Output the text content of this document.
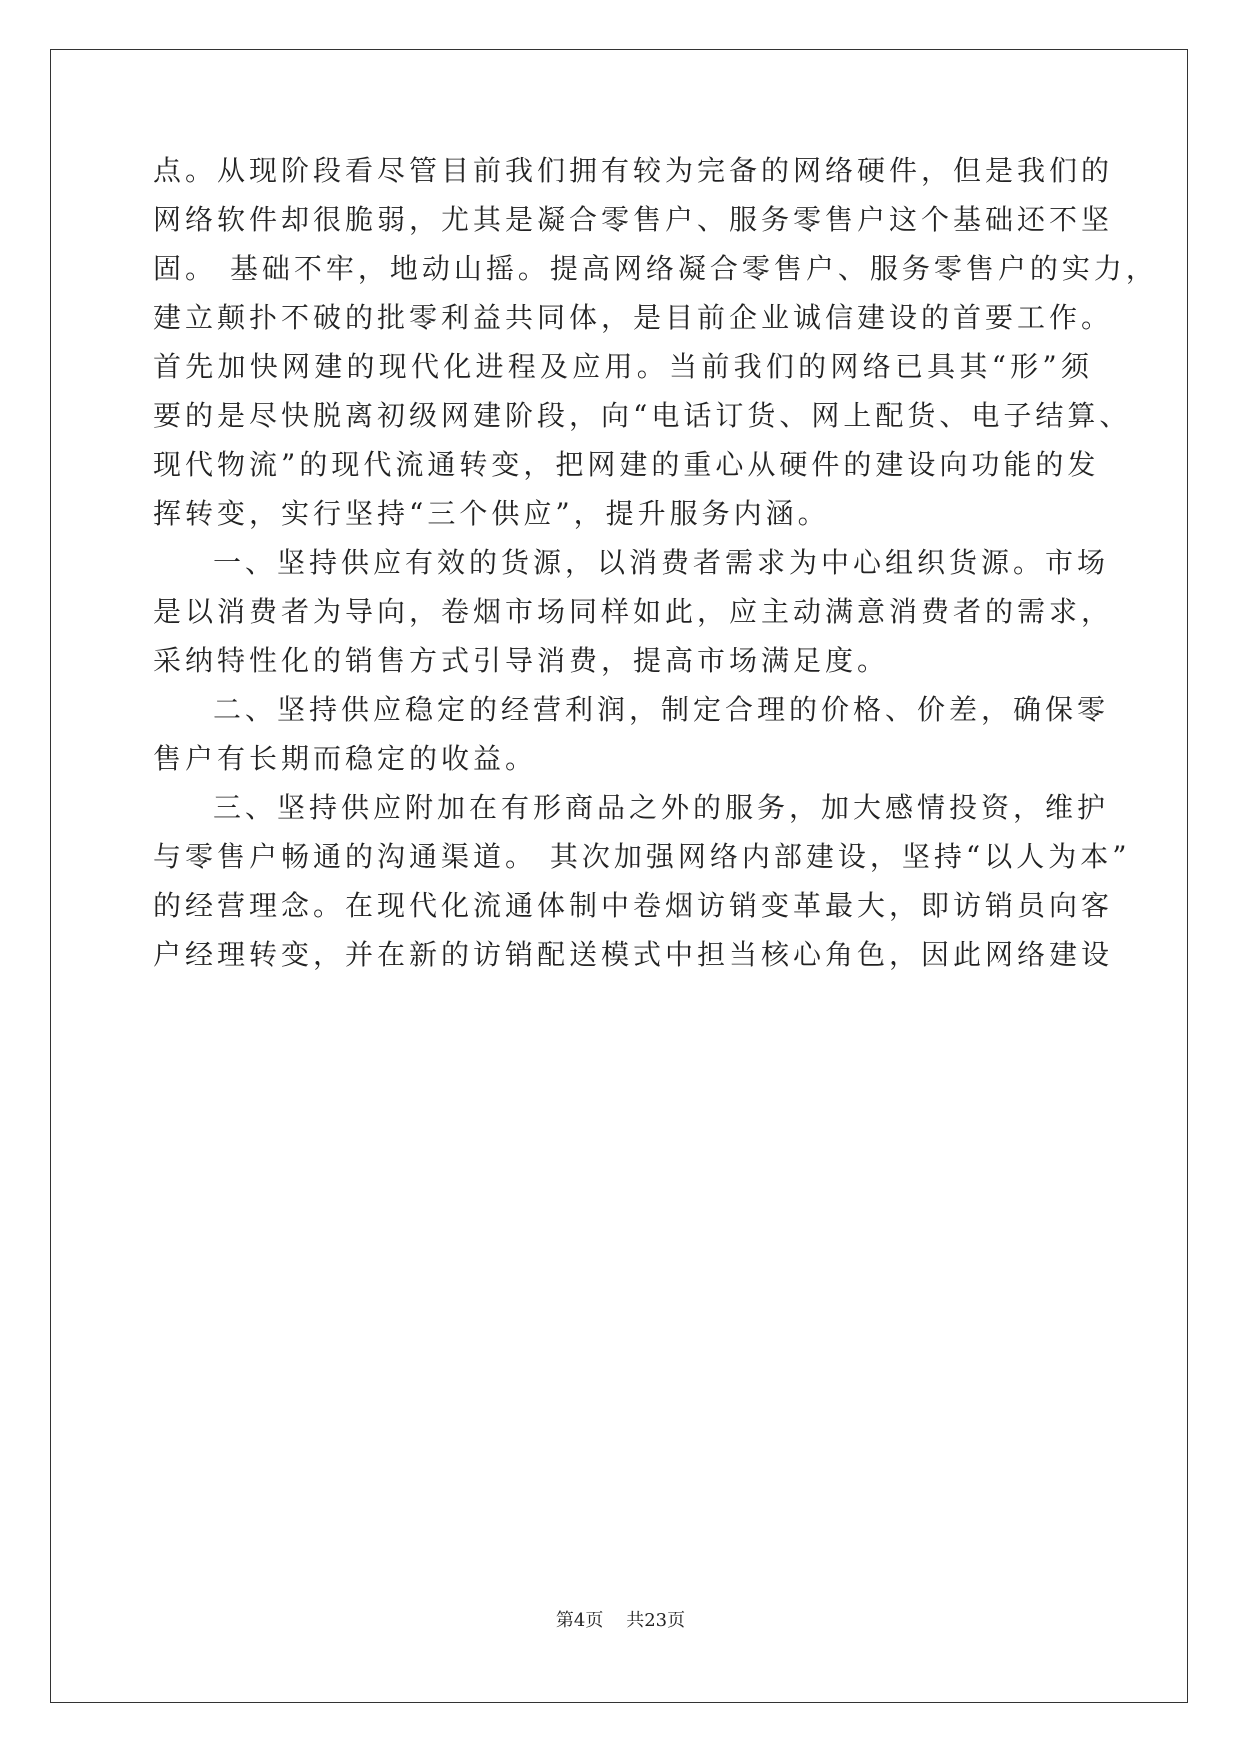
点。从现阶段看尽管目前我们拥有较为完备的网络硬件，但是我们的
网络软件却很脆弱，尤其是凝合零售户、服务零售户这个基础还不坚
固。 基础不牢，地动山摇。提高网络凝合零售户、服务零售户的实力，
建立颠扑不破的批零利益共同体，是目前企业诚信建设的首要工作。
首先加快网建的现代化进程及应用。当前我们的网络已具其“形”须
要的是尽快脱离初级网建阶段，向“电话订货、网上配货、电子结算、
现代物流”的现代流通转变，把网建的重心从硬件的建设向功能的发
挥转变，实行坚持“三个供应”，提升服务内涵。
一、坚持供应有效的货源，以消费者需求为中心组织货源。市场
是以消费者为导向，卷烟市场同样如此，应主动满意消费者的需求，
采纳特性化的销售方式引导消费，提高市场满足度。
二、坚持供应稳定的经营利润，制定合理的价格、价差，确保零
售户有长期而稳定的收益。
三、坚持供应附加在有形商品之外的服务，加大感情投资，维护
与零售户畅通的沟通渠道。 其次加强网络内部建设，坚持“以人为本”
的经营理念。在现代化流通体制中卷烟访销变革最大，即访销员向客
户经理转变，并在新的访销配送模式中担当核心角色，因此网络建设
第4页    共23页
